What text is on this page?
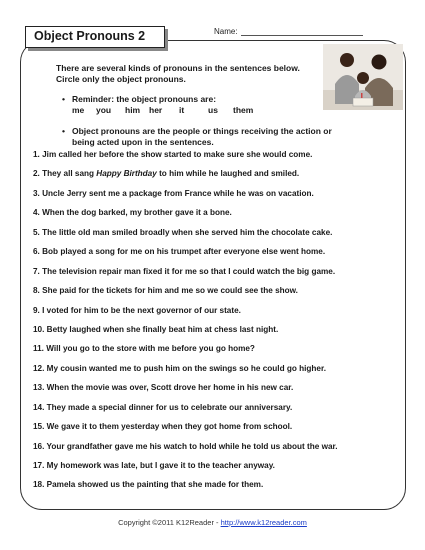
Object Pronouns 2	Name:
There are several kinds of pronouns in the sentences below. Circle only the object pronouns.
• Reminder: the object pronouns are:
me	you	him	her	it	us	them
• Object pronouns are the people or things receiving the action or being acted upon in the sentences.
1. Jim called her before the show started to make sure she would come.
2. They all sang Happy Birthday to him while he laughed and smiled.
3. Uncle Jerry sent me a package from France while he was on vacation.
4. When the dog barked, my brother gave it a bone.
5. The little old man smiled broadly when she served him the chocolate cake.
6. Bob played a song for me on his trumpet after everyone else went home.
7. The television repair man fixed it for me so that I could watch the big game.
8. She paid for the tickets for him and me so we could see the show.
9. I voted for him to be the next governor of our state.
10. Betty laughed when she finally beat him at chess last night.
11. Will you go to the store with me before you go home?
12. My cousin wanted me to push him on the swings so he could go higher.
13. When the movie was over, Scott drove her home in his new car.
14. They made a special dinner for us to celebrate our anniversary.
15. We gave it to them yesterday when they got home from school.
16. Your grandfather gave me his watch to hold while he told us about the war.
17. My homework was late, but I gave it to the teacher anyway.
18. Pamela showed us the painting that she made for them.
Copyright ©2011 K12Reader - http://www.k12reader.com
